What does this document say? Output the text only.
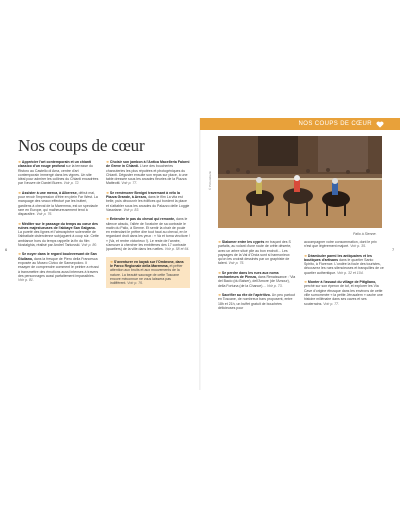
NOS COUPS DE CŒUR
Nos coups de cœur
➜ Apprécier l'art contemporain et un chianti classico d'un rouge profond sur la terrasse du Ristoro au Castello di Ama, centre d'art contemporain immergé dans les vignes. Un site idéal pour admirer les collines du Chianti encadrées par l'œuvre de Daniel Buren. Voir p. 72.
➜ Assister à une merca, à Alberese, début mai, pour revoir l'impression d'être en plein Far West. La marquage des veaux effectué par les butteri, gardiens à cheval de la Maremma, est un spectacle rare en Europe, qui malheureusement tend à disparaître. Voir p. 76.
➜ Méditer sur le passage du temps au cœur des ruines majestueuses de l'abbaye San Galgano. La pureté des lignes et l'atmosphère solennelle de l'abbatiale cistercienne subjuguent à coup sûr. Cette ambiance hors du temps rappelle la fin du film Nostalghia, réalisé par Andreï Tarkovski. Voir p. 80.
➜ Se noyer dans le regard bouleversant de San Giuliano, dans la fresque de Piero della Francesca exposée au Museo Civico de Sansepolcro. Il essayer de comprendre comment le peintre a réussi à transmettre des émotions aussi intenses à travers des personnages aussi parfaitement impassibles. Voir p. 81.
➜ Choisir son jambon à l'Antica Macelleria Falorni de Greve in Chianti. L'une des boucheries charcuteries les plus réputées et photogéniques du Chianti. Déguster ensuite son repas sur place, à une table dressée sous les arcades fleuries de la Piazza Matteotti. Voir p. 77.
➜ Se remémorer Benigni traversant à vélo la Piazza Grande, à Arezzo, dans le film La vita est belle, puis découvrir les édifices qui bordent la place et s'attabler sous les arcades du Palazzo delle Loggie Vasariane. Voir p. 83.
➜ Entendre le pas du cheval qui remonte, dans le silence absolu, l'allée de l'oratoire de sa contrade le matin du Palio, à Sienne. Et sentir la chair de poule en entendant le prêtre dire tout haut au cheval, en le regardant droit dans les yeux : « Va et torna vincitore ! » (Va, et rentre victorieux !). Le reste de l'année, s'amuser à chercher les emblèmes des 17 contrade (quartiers) de la ville dans les ruelles. Voir p. 58 et 64.
➜ S'aventurer en kayak sur l'Ombrone, dans le Parco Regionale della Maremma, et prêter attention aux bruits et aux mouvements de la nature. La beauté sauvage de cette Toscane encore méconnue ne vous laissera pas indifférent. Voir p. 76.
6	7
© Picturebank
Palio à Sienne.
➜ Slalomer entre les cyprès en traçant des S parfaits, au volant d'une route de crête déserte, avec un arbre situé pile au bon endroit… Les paysages de la Val d'Orcia sont si harmonieux qu'on les croirait dessinés par un graphiste de talent. Voir p. 75.
➜ Se perdre dans les rues aux noms enchanteurs de Pienza, dans Renaissance : 'Via del Bacio (du Baiser), dell'Amore (de l'Amour), della Fortuna (de la Chance)… Voir p. 73.
➜ Sacrifier au rite de l'apéritivo. Un peu partout en Toscane, de nombreux bars proposent, entre 18h et 21h, un buffet gratuit de bouchées délicieuses pour
accompagner votre consommation, dont le prix n'est que légèrement majoré. Voir p. 35.
➜ Déambuler parmi les antiquaires et les boutiques d'artisans dans le quartier Santo Spirito, à Florence. L'ondée la foule des touristes, découvrez les rues silencieuses et tranquilles de ce quartier authentique. Voir p. 32 et 104.
➜ Monter à l'assaut du village de Pitigliano, perché sur son éperon de tuf, et explorer les Via Cave d'origine étrusque dans les environs de cette ville surnommée « la petite Jérusalem » cache une histoire millénaire dans ses caves et ses souterrains. Voir p. 77.
